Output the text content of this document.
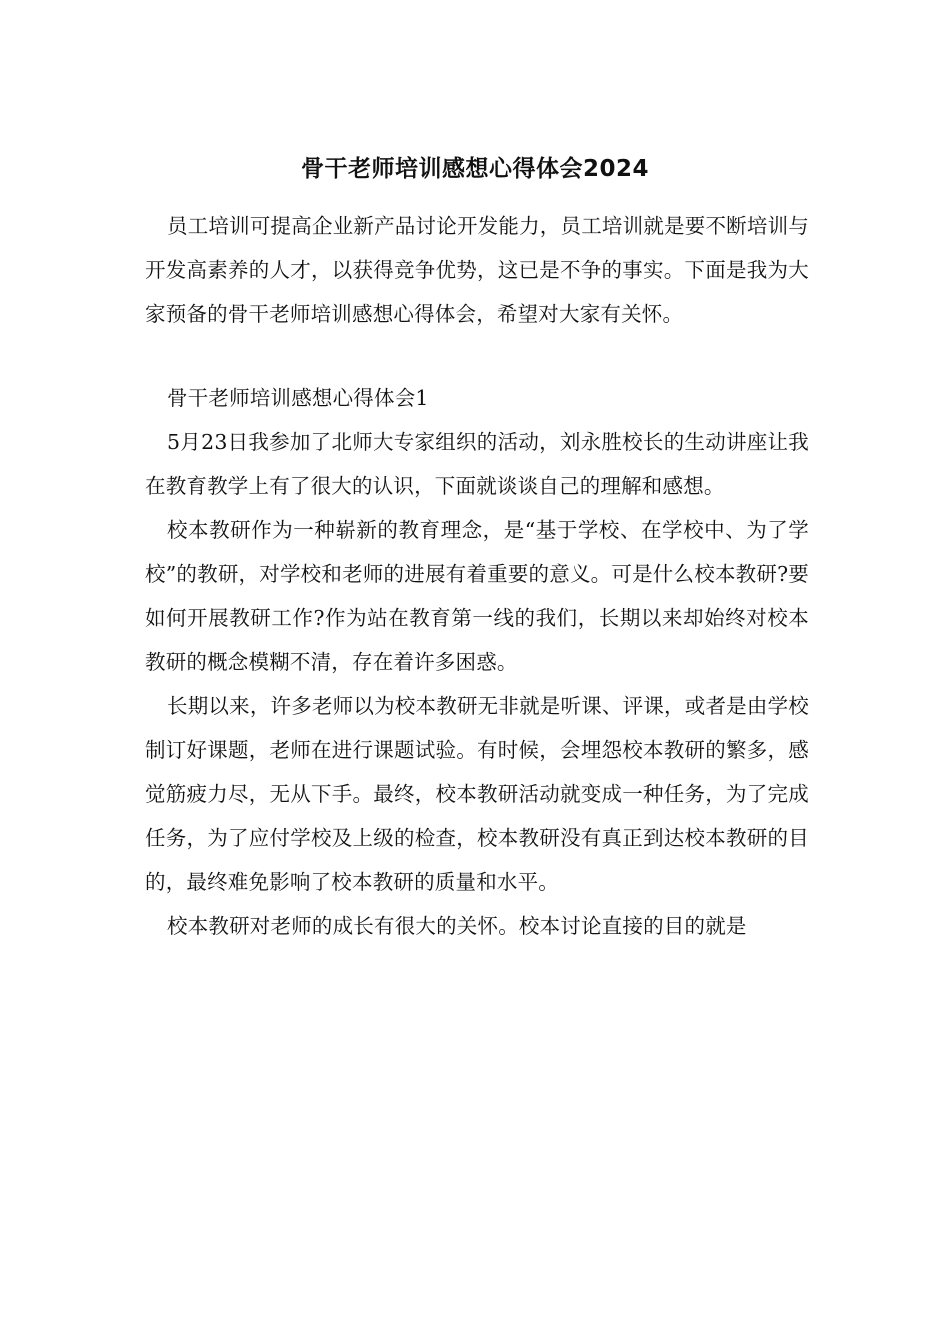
骨干老师培训感想心得体会2024

员工培训可提高企业新产品讨论开发能力，员工培训就是要不断培训与开发高素养的人才，以获得竞争优势，这已是不争的事实。下面是我为大家预备的骨干老师培训感想心得体会，希望对大家有关怀。

骨干老师培训感想心得体会1

5月23日我参加了北师大专家组织的活动，刘永胜校长的生动讲座让我在教育教学上有了很大的认识，下面就谈谈自己的理解和感想。

校本教研作为一种崭新的教育理念，是“基于学校、在学校中、为了学校”的教研，对学校和老师的进展有着重要的意义。可是什么校本教研?要如何开展教研工作?作为站在教育第一线的我们，长期以来却始终对校本教研的概念模糊不清，存在着许多困惑。

长期以来，许多老师以为校本教研无非就是听课、评课，或者是由学校制订好课题，老师在进行课题试验。有时候，会埋怨校本教研的繁多，感觉筋疲力尽，无从下手。最终，校本教研活动就变成一种任务，为了完成任务，为了应付学校及上级的检查，校本教研没有真正到达校本教研的目的，最终难免影响了校本教研的质量和水平。

校本教研对老师的成长有很大的关怀。校本讨论直接的目的就是
